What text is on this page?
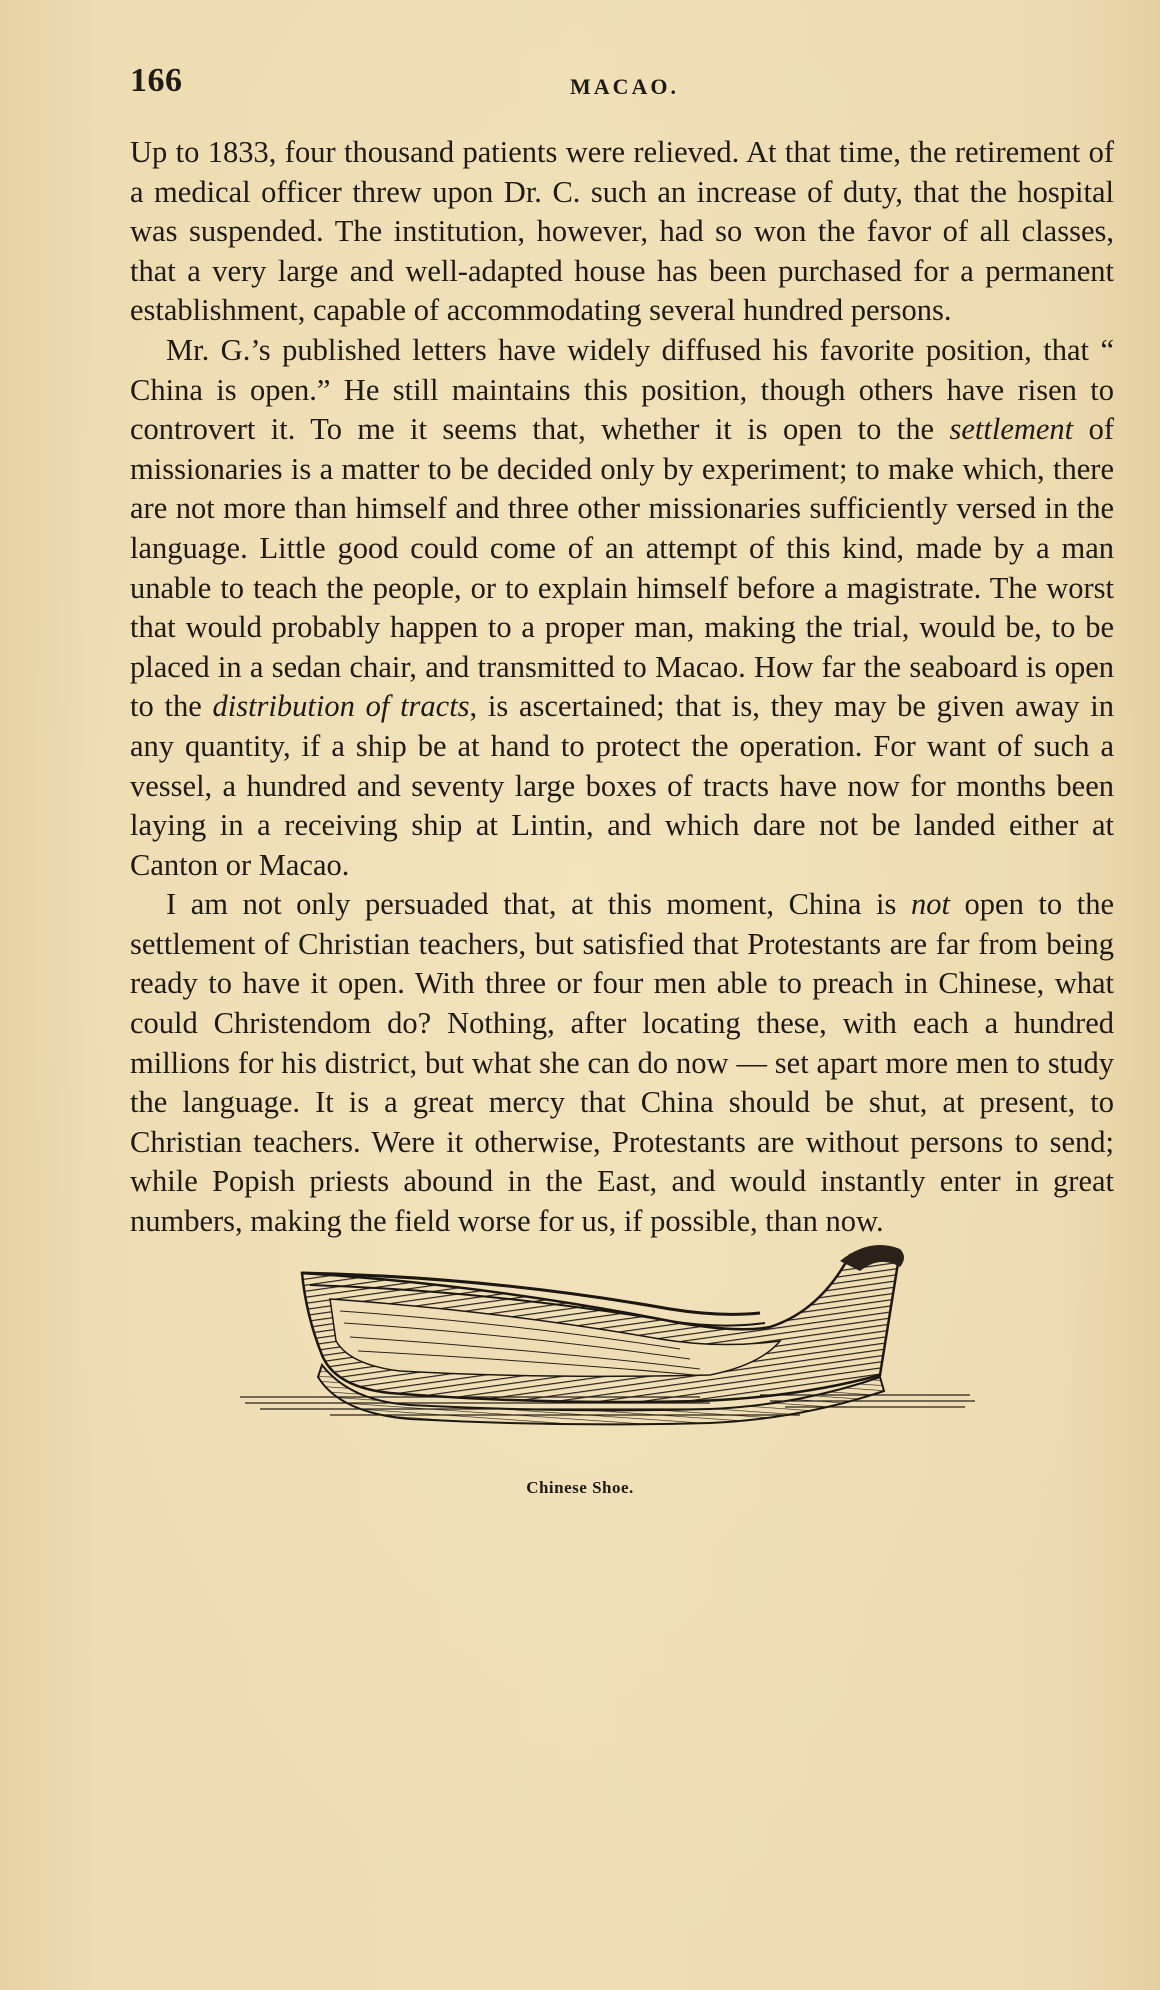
166	MACAO.

Up to 1833, four thousand patients were relieved. At that time, the retirement of a medical officer threw upon Dr. C. such an increase of duty, that the hospital was suspended. The institution, however, had so won the favor of all classes, that a very large and well-adapted house has been purchased for a permanent establishment, capable of accommodating several hundred persons.

Mr. G.’s published letters have widely diffused his favorite position, that “ China is open.” He still maintains this position, though others have risen to controvert it. To me it seems that, whether it is open to the settlement of missionaries is a matter to be decided only by experiment; to make which, there are not more than himself and three other missionaries sufficiently versed in the language. Little good could come of an attempt of this kind, made by a man unable to teach the people, or to explain himself before a magistrate. The worst that would probably happen to a proper man, making the trial, would be, to be placed in a sedan chair, and transmitted to Macao. How far the seaboard is open to the distribution of tracts, is ascertained; that is, they may be given away in any quantity, if a ship be at hand to protect the operation. For want of such a vessel, a hundred and seventy large boxes of tracts have now for months been laying in a receiving ship at Lintin, and which dare not be landed either at Canton or Macao.

I am not only persuaded that, at this moment, China is not open to the settlement of Christian teachers, but satisfied that Protestants are far from being ready to have it open. With three or four men able to preach in Chinese, what could Christendom do? Nothing, after locating these, with each a hundred millions for his district, but what she can do now — set apart more men to study the language. It is a great mercy that China should be shut, at present, to Christian teachers. Were it otherwise, Protestants are without persons to send; while Popish priests abound in the East, and would instantly enter in great numbers, making the field worse for us, if possible, than now.

Chinese Shoe.
